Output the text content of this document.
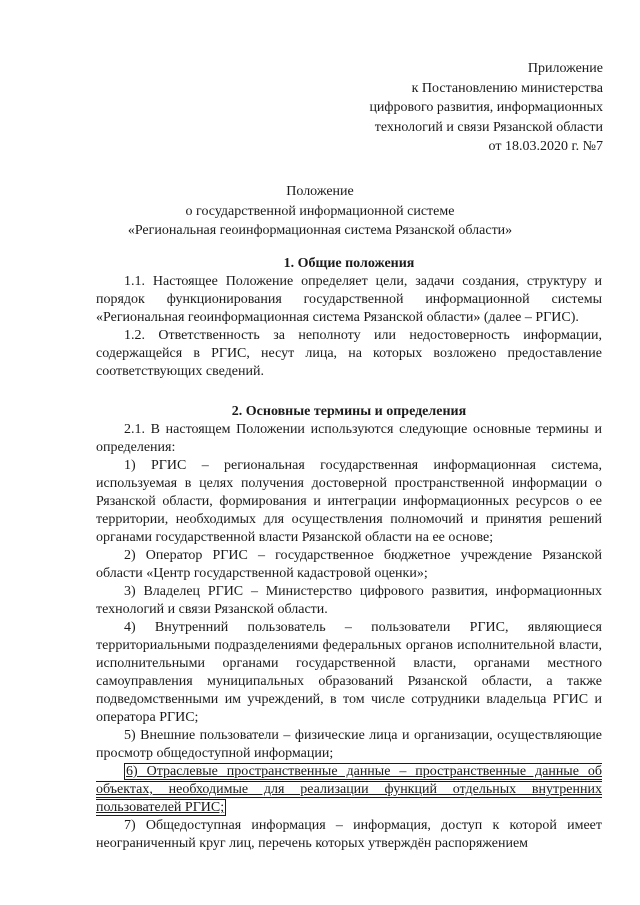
Приложение
к Постановлению министерства
цифрового развития, информационных
технологий и связи Рязанской области
от 18.03.2020 г. №7
Положение
о государственной информационной системе
«Региональная геоинформационная система Рязанской области»

1. Общие положения

1.1. Настоящее Положение определяет цели, задачи создания, структуру и порядок функционирования государственной информационной системы «Региональная геоинформационная система Рязанской области» (далее – РГИС).

1.2. Ответственность за неполноту или недостоверность информации, содержащейся в РГИС, несут лица, на которых возложено предоставление соответствующих сведений.

2. Основные термины и определения

2.1. В настоящем Положении используются следующие основные термины и определения:

1) РГИС – региональная государственная информационная система, используемая в целях получения достоверной пространственной информации о Рязанской области, формирования и интеграции информационных ресурсов о ее территории, необходимых для осуществления полномочий и принятия решений органами государственной власти Рязанской области на ее основе;

2) Оператор РГИС – государственное бюджетное учреждение Рязанской области «Центр государственной кадастровой оценки»;

3) Владелец РГИС – Министерство цифрового развития, информационных технологий и связи Рязанской области.

4) Внутренний пользователь – пользователи РГИС, являющиеся территориальными подразделениями федеральных органов исполнительной власти, исполнительными органами государственной власти, органами местного самоуправления муниципальных образований Рязанской области, а также подведомственными им учреждений, в том числе сотрудники владельца РГИС и оператора РГИС;

5) Внешние пользователи – физические лица и организации, осуществляющие просмотр общедоступной информации;

6) Отраслевые пространственные данные – пространственные данные об объектах, необходимые для реализации функций отдельных внутренних пользователей РГИС;

7) Общедоступная информация – информация, доступ к которой имеет неограниченный круг лиц, перечень которых утверждён распоряжением
